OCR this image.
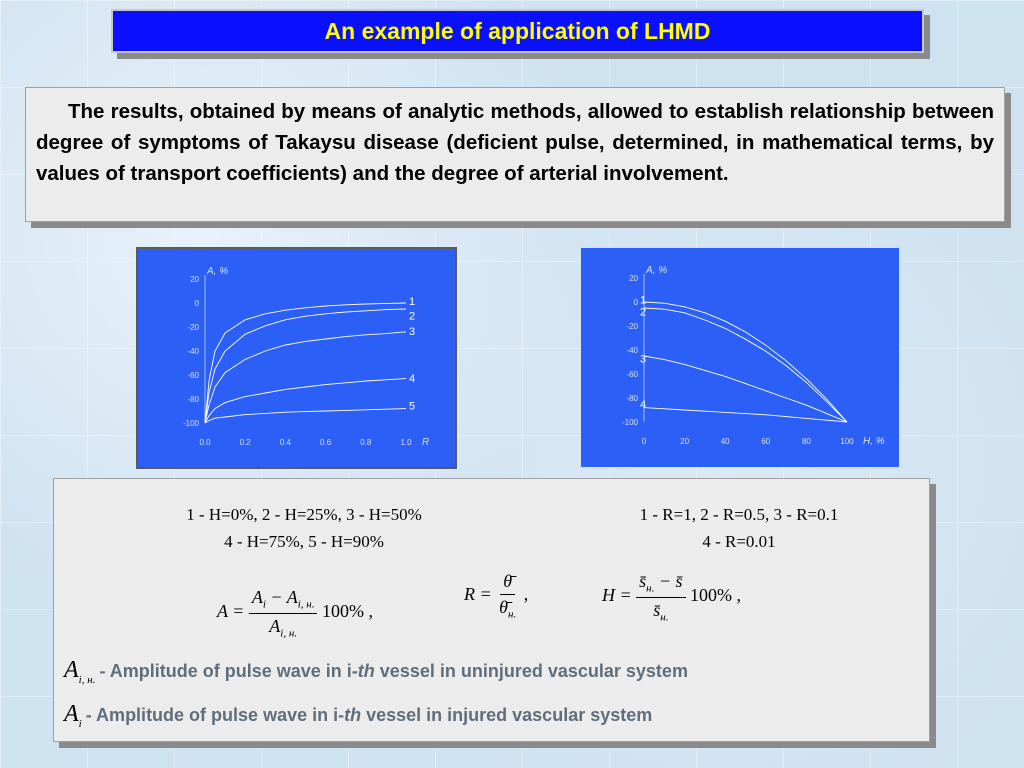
An example of application of LHMD

The results, obtained by means of analytic methods, allowed to establish relationship between degree of symptoms of Takaysu disease (deficient pulse, determined, in mathematical terms, by values of transport coefficients) and the degree of arterial involvement.

20
0
-20
-40
-60
-80
-100
0.0	0.2	0.4	0.6	0.8	1.0
A, %
R
1
2
3
4
5
20
0
-20
-40
-60
-80
-100
0	20	40	60	80	100
A, %
H, %
1
2
3
4
1 - H=0%, 2 - H=25%, 3 - H=50%
4 - H=75%, 5 - H=90%
1 - R=1, 2 - R=0.5, 3 - R=0.1
4 - R=0.01
$A = \frac{A_i - A_{i, н.}}{A_{i, н.}} 100\%$ ,
$R = \frac{\thetā}{\thetā_{н.}}$ ,	$H = \frac{s̄_{н.} - s̄}{s̄_{н.}} 100\%$ ,
$A_{i, н.}$ - Amplitude of pulse wave in i-th vessel in uninjured vascular system
$A_i$ - Amplitude of pulse wave in i-th vessel in injured vascular system
